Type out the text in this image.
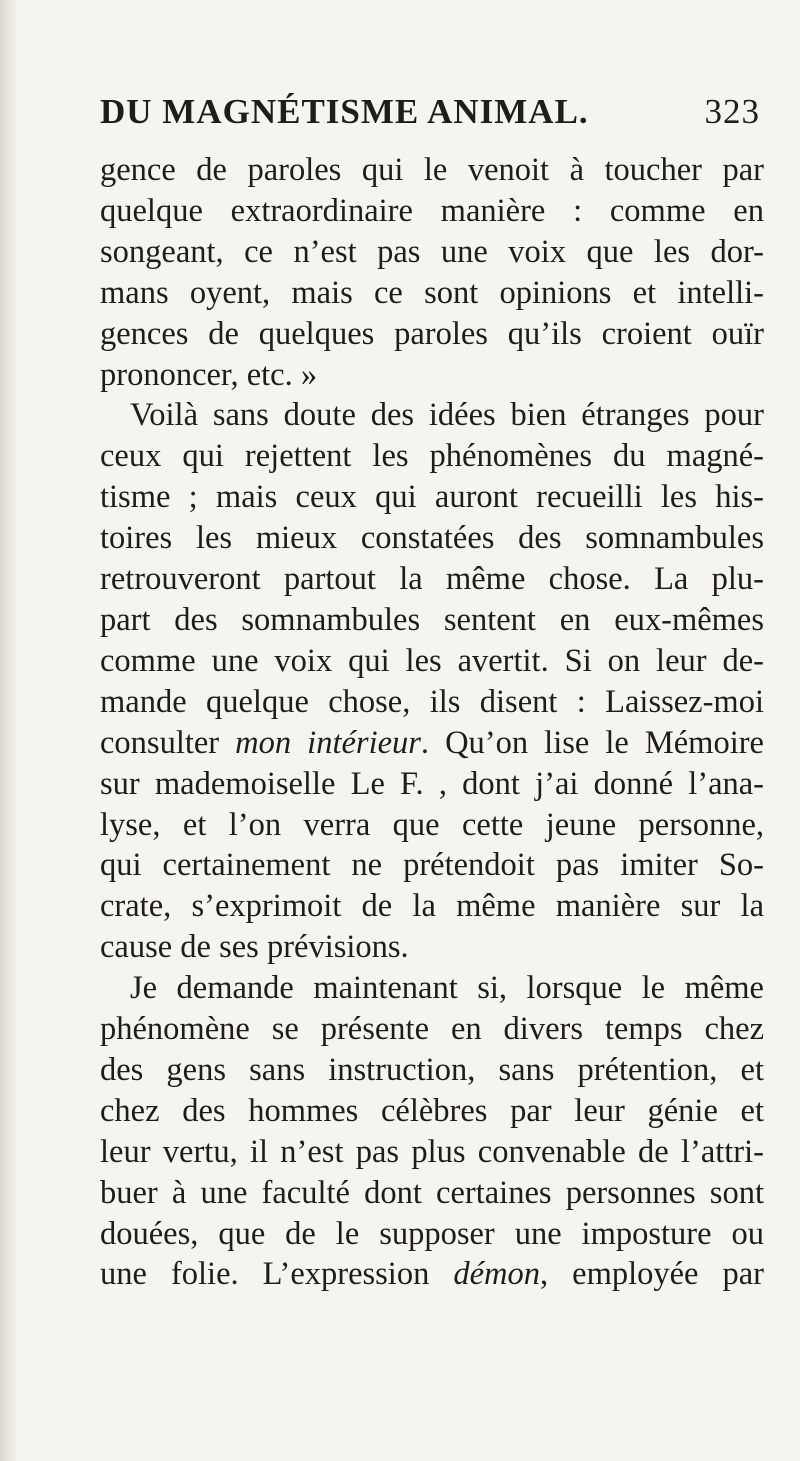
DU MAGNÉTISME ANIMAL.	323
gence de paroles qui le venoit à toucher par
quelque extraordinaire manière : comme en
songeant, ce n’est pas une voix que les dor-
mans oyent, mais ce sont opinions et intelli-
gences de quelques paroles qu’ils croient ouïr
prononcer, etc. »
Voilà sans doute des idées bien étranges pour
ceux qui rejettent les phénomènes du magné-
tisme ; mais ceux qui auront recueilli les his-
toires les mieux constatées des somnambules
retrouveront partout la même chose. La plu-
part des somnambules sentent en eux-mêmes
comme une voix qui les avertit. Si on leur de-
mande quelque chose, ils disent : Laissez-moi
consulter mon intérieur. Qu’on lise le Mémoire
sur mademoiselle Le F. , dont j’ai donné l’ana-
lyse, et l’on verra que cette jeune personne,
qui certainement ne prétendoit pas imiter So-
crate, s’exprimoit de la même manière sur la
cause de ses prévisions.
Je demande maintenant si, lorsque le même
phénomène se présente en divers temps chez
des gens sans instruction, sans prétention, et
chez des hommes célèbres par leur génie et
leur vertu, il n’est pas plus convenable de l’attri-
buer à une faculté dont certaines personnes sont
douées, que de le supposer une imposture ou
une folie. L’expression démon, employée par
